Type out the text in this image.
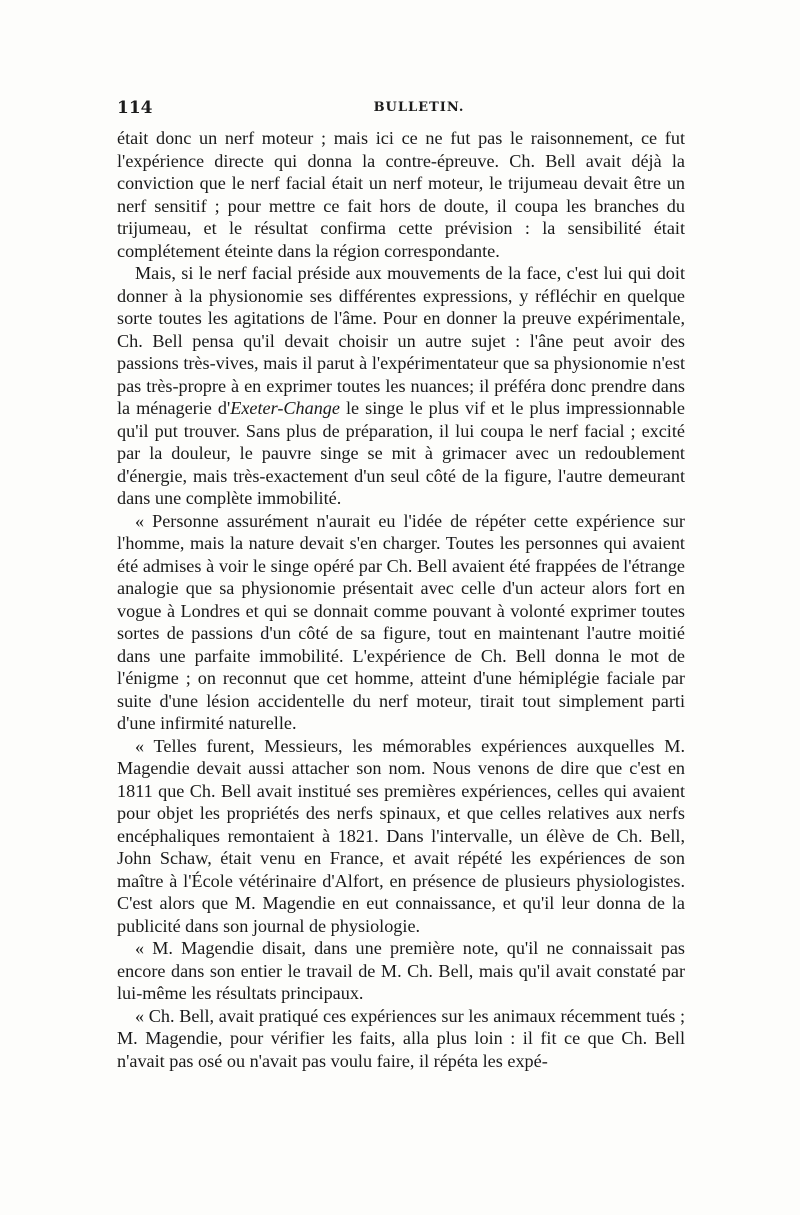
114	BULLETIN.

était donc un nerf moteur ; mais ici ce ne fut pas le raisonnement, ce fut l'expérience directe qui donna la contre-épreuve. Ch. Bell avait déjà la conviction que le nerf facial était un nerf moteur, le trijumeau devait être un nerf sensitif ; pour mettre ce fait hors de doute, il coupa les branches du trijumeau, et le résultat confirma cette prévision : la sensibilité était complétement éteinte dans la région correspondante.

Mais, si le nerf facial préside aux mouvements de la face, c'est lui qui doit donner à la physionomie ses différentes expressions, y réfléchir en quelque sorte toutes les agitations de l'âme. Pour en donner la preuve expérimentale, Ch. Bell pensa qu'il devait choisir un autre sujet : l'âne peut avoir des passions très-vives, mais il parut à l'expérimentateur que sa physionomie n'est pas très-propre à en exprimer toutes les nuances; il préféra donc prendre dans la ménagerie d'Exeter-Change le singe le plus vif et le plus impressionnable qu'il put trouver. Sans plus de préparation, il lui coupa le nerf facial ; excité par la douleur, le pauvre singe se mit à grimacer avec un redoublement d'énergie, mais très-exactement d'un seul côté de la figure, l'autre demeurant dans une complète immobilité.

« Personne assurément n'aurait eu l'idée de répéter cette expérience sur l'homme, mais la nature devait s'en charger. Toutes les personnes qui avaient été admises à voir le singe opéré par Ch. Bell avaient été frappées de l'étrange analogie que sa physionomie présentait avec celle d'un acteur alors fort en vogue à Londres et qui se donnait comme pouvant à volonté exprimer toutes sortes de passions d'un côté de sa figure, tout en maintenant l'autre moitié dans une parfaite immobilité. L'expérience de Ch. Bell donna le mot de l'énigme ; on reconnut que cet homme, atteint d'une hémiplégie faciale par suite d'une lésion accidentelle du nerf moteur, tirait tout simplement parti d'une infirmité naturelle.

« Telles furent, Messieurs, les mémorables expériences auxquelles M. Magendie devait aussi attacher son nom. Nous venons de dire que c'est en 1811 que Ch. Bell avait institué ses premières expériences, celles qui avaient pour objet les propriétés des nerfs spinaux, et que celles relatives aux nerfs encéphaliques remontaient à 1821. Dans l'intervalle, un élève de Ch. Bell, John Schaw, était venu en France, et avait répété les expériences de son maître à l'École vétérinaire d'Alfort, en présence de plusieurs physiologistes. C'est alors que M. Magendie en eut connaissance, et qu'il leur donna de la publicité dans son journal de physiologie.

« M. Magendie disait, dans une première note, qu'il ne connaissait pas encore dans son entier le travail de M. Ch. Bell, mais qu'il avait constaté par lui-même les résultats principaux.

« Ch. Bell, avait pratiqué ces expériences sur les animaux récemment tués ; M. Magendie, pour vérifier les faits, alla plus loin : il fit ce que Ch. Bell n'avait pas osé ou n'avait pas voulu faire, il répéta les expé-
